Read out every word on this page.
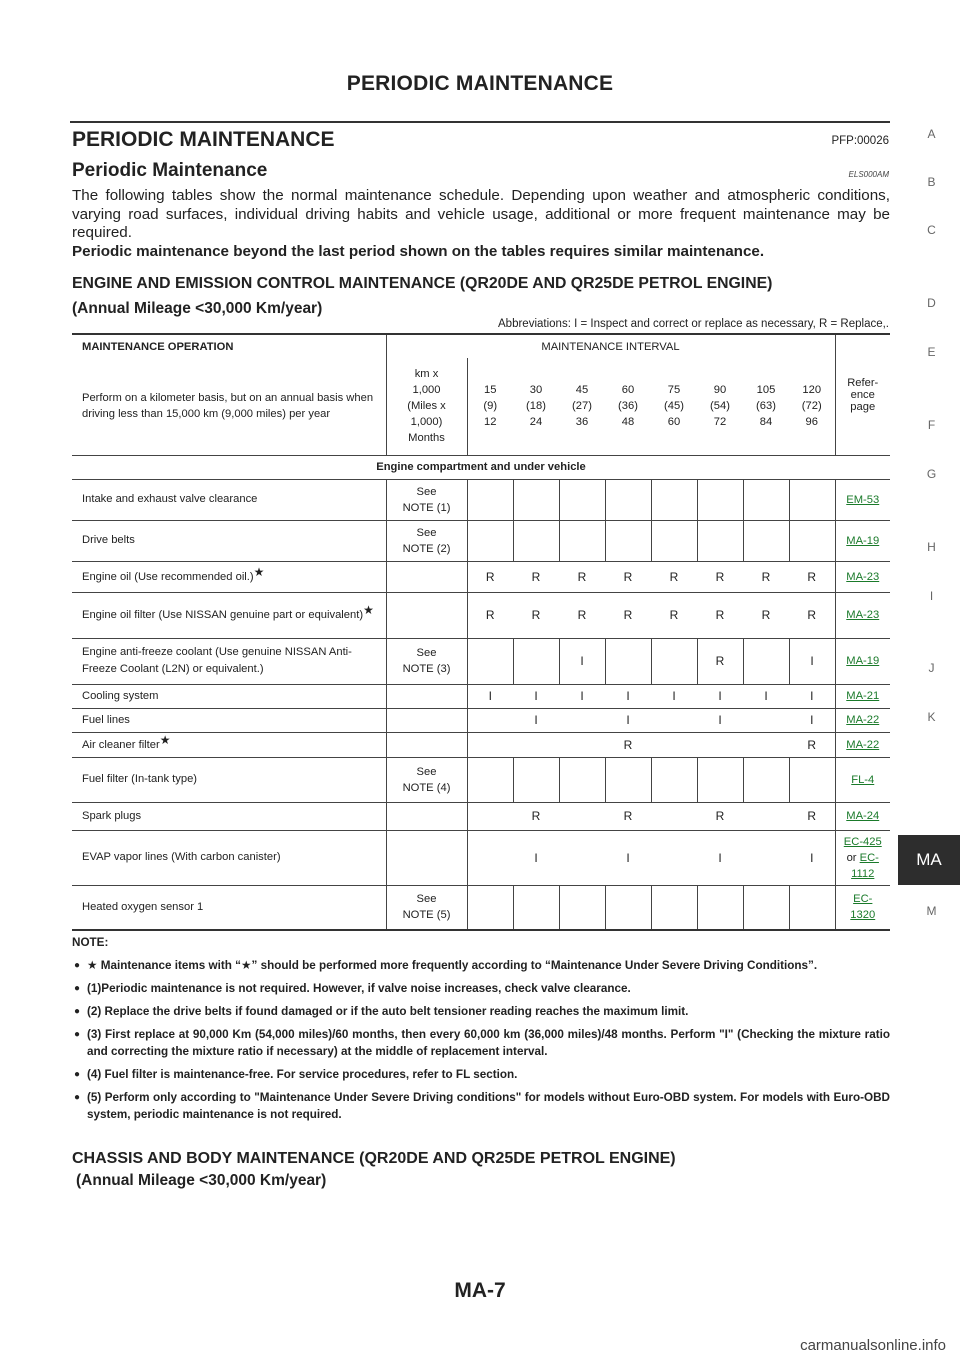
PERIODIC MAINTENANCE
PERIODIC MAINTENANCE	PFP:00026
Periodic Maintenance	ELS000AM

The following tables show the normal maintenance schedule. Depending upon weather and atmospheric conditions, varying road surfaces, individual driving habits and vehicle usage, additional or more frequent maintenance may be required.

Periodic maintenance beyond the last period shown on the tables requires similar maintenance.

ENGINE AND EMISSION CONTROL MAINTENANCE (QR20DE AND QR25DE PETROL ENGINE)
(Annual Mileage <30,000 Km/year)
Abbreviations: I = Inspect and correct or replace as necessary, R = Replace,.
MAINTENANCE OPERATION	MAINTENANCE INTERVAL									Refer-
ence
page
Perform on a kilometer basis, but on an annual basis when driving less than 15,000 km (9,000 miles) per year	km x
1,000
(Miles x
1,000)
Months	15
(9)
12	30
(18)
24	45
(27)
36	60
(36)
48	75
(45)
60	90
(54)
72	105
(63)
84	120
(72)
96	
Engine compartment and under vehicle										
Intake and exhaust valve clearance	See
NOTE (1)									EM-53
Drive belts	See
NOTE (2)									MA-19
Engine oil (Use recommended oil.)★		R	R	R	R	R	R	R	R	MA-23
Engine oil filter (Use NISSAN genuine part or equivalent)★		R	R	R	R	R	R	R	R	MA-23
Engine anti-freeze coolant (Use genuine NISSAN Anti-Freeze Coolant (L2N) or equivalent.)	See
NOTE (3)			I			R		I	MA-19
Cooling system		I	I	I	I	I	I	I	I	MA-21
Fuel lines			I		I		I		I	MA-22
Air cleaner filter★					R				R	MA-22
Fuel filter (In-tank type)	See
NOTE (4)									FL-4
Spark plugs			R		R		R		R	MA-24
EVAP vapor lines (With carbon canister)			I		I		I		I	EC-425
or EC-
1112
Heated oxygen sensor 1	See
NOTE (5)									EC-
1320
A
B
C
D
E
F
G
H
I
J
K
M
MA
NOTE:
● ★ Maintenance items with “★” should be performed more frequently according to “Maintenance Under Severe Driving Conditions”.
● (1)Periodic maintenance is not required. However, if valve noise increases, check valve clearance.
● (2) Replace the drive belts if found damaged or if the auto belt tensioner reading reaches the maximum limit.
● (3) First replace at 90,000 Km (54,000 miles)/60 months, then every 60,000 km (36,000 miles)/48 months. Perform "I" (Checking the mixture ratio and correcting the mixture ratio if necessary) at the middle of replacement interval.
● (4) Fuel filter is maintenance-free. For service procedures, refer to FL section.
● (5) Perform only according to "Maintenance Under Severe Driving conditions" for models without Euro-OBD system. For models with Euro-OBD system, periodic maintenance is not required.
CHASSIS AND BODY MAINTENANCE (QR20DE AND QR25DE PETROL ENGINE)
(Annual Mileage <30,000 Km/year)
MA-7
carmanualsonline.info
